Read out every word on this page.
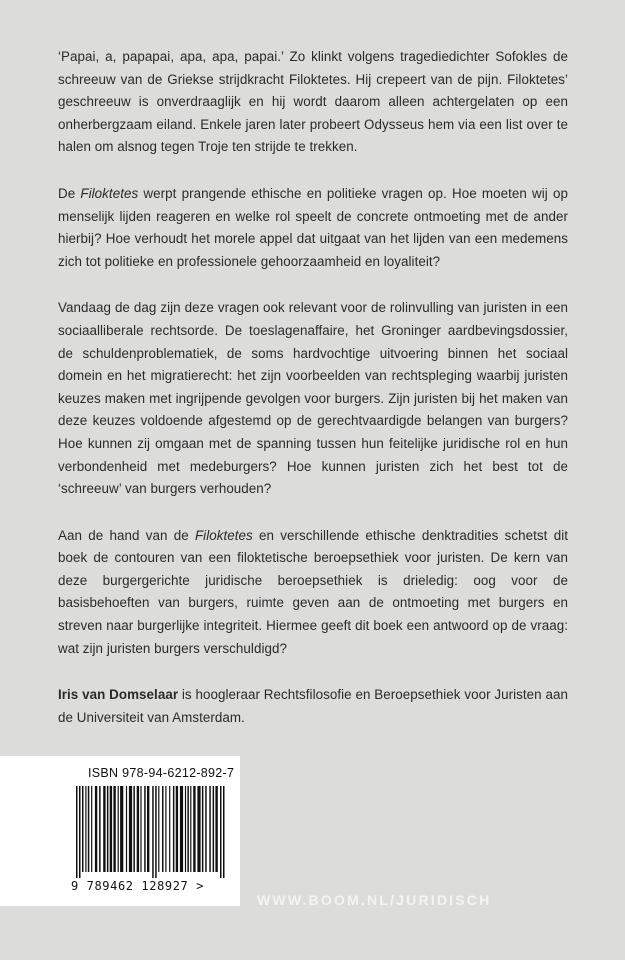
‘Papai, a, papapai, apa, apa, papai.’ Zo klinkt volgens tragediedichter Sofokles de schreeuw van de Griekse strijdkracht Filoktetes. Hij crepeert van de pijn. Filoktetes’ geschreeuw is onverdraaglijk en hij wordt daarom alleen achtergelaten op een onherbergzaam eiland. Enkele jaren later probeert Odysseus hem via een list over te halen om alsnog tegen Troje ten strijde te trekken.

De Filoktetes werpt prangende ethische en politieke vragen op. Hoe moeten wij op menselijk lijden reageren en welke rol speelt de concrete ontmoeting met de ander hierbij? Hoe verhoudt het morele appel dat uitgaat van het lijden van een medemens zich tot politieke en professionele gehoorzaamheid en loyaliteit?

Vandaag de dag zijn deze vragen ook relevant voor de rolinvulling van juristen in een sociaalliberale rechtsorde. De toeslagenaffaire, het Groninger aardbevingsdossier, de schuldenproblematiek, de soms hardvochtige uitvoering binnen het sociaal domein en het migratierecht: het zijn voorbeelden van rechtspleging waarbij juristen keuzes maken met ingrijpende gevolgen voor burgers. Zijn juristen bij het maken van deze keuzes voldoende afgestemd op de gerechtvaardigde belangen van burgers? Hoe kunnen zij omgaan met de spanning tussen hun feitelijke juridische rol en hun verbondenheid met medeburgers? Hoe kunnen juristen zich het best tot de ‘schreeuw’ van burgers verhouden?

Aan de hand van de Filoktetes en verschillende ethische denktradities schetst dit boek de contouren van een filoktetische beroepsethiek voor juristen. De kern van deze burgergerichte juridische beroepsethiek is drieledig: oog voor de basisbehoeften van burgers, ruimte geven aan de ontmoeting met burgers en streven naar burgerlijke integriteit. Hiermee geeft dit boek een antwoord op de vraag: wat zijn juristen burgers verschuldigd?

Iris van Domselaar is hoogleraar Rechtsfilosofie en Beroepsethiek voor Juristen aan de Universiteit van Amsterdam.

ISBN 978-94-6212-892-7
9 789462 128927 >
WWW.BOOM.NL/JURIDISCH
